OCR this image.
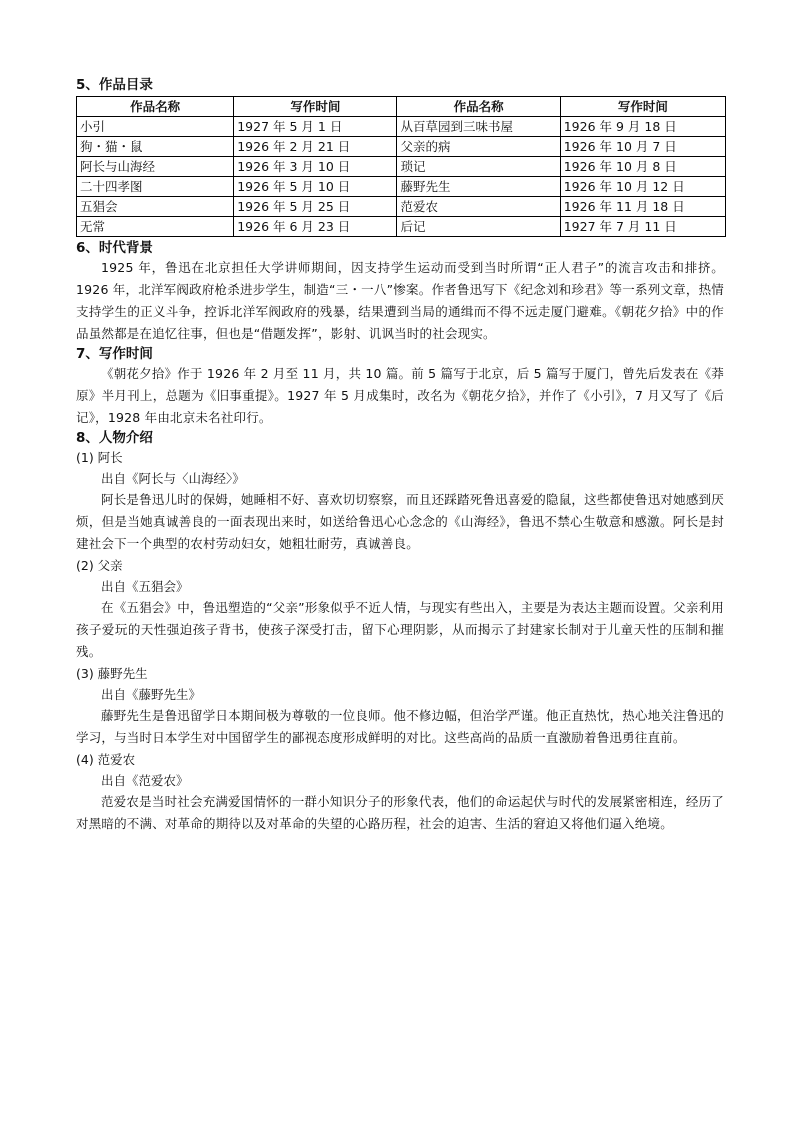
5、作品目录

作品名称	写作时间	作品名称	写作时间
小引	1927 年 5 月 1 日	从百草园到三味书屋	1926 年 9 月 18 日
狗・猫・鼠	1926 年 2 月 21 日	父亲的病	1926 年 10 月 7 日
阿长与山海经	1926 年 3 月 10 日	琐记	1926 年 10 月 8 日
二十四孝图	1926 年 5 月 10 日	藤野先生	1926 年 10 月 12 日
五猖会	1926 年 5 月 25 日	范爱农	1926 年 11 月 18 日
无常	1926 年 6 月 23 日	后记	1927 年 7 月 11 日

6、时代背景

1925 年，鲁迅在北京担任大学讲师期间，因支持学生运动而受到当时所谓“正人君子”的流言攻击和排挤。1926 年，北洋军阀政府枪杀进步学生，制造“三・一八”惨案。作者鲁迅写下《纪念刘和珍君》等一系列文章，热情支持学生的正义斗争，控诉北洋军阀政府的残暴，结果遭到当局的通缉而不得不远走厦门避难。《朝花夕拾》中的作品虽然都是在追忆往事，但也是“借题发挥”，影射、讥讽当时的社会现实。

7、写作时间

《朝花夕拾》作于 1926 年 2 月至 11 月，共 10 篇。前 5 篇写于北京，后 5 篇写于厦门，曾先后发表在《莽原》半月刊上，总题为《旧事重提》。1927 年 5 月成集时，改名为《朝花夕拾》，并作了《小引》，7 月又写了《后记》，1928 年由北京未名社印行。

8、人物介绍

(1) 阿长

出自《阿长与〈山海经〉》

阿长是鲁迅儿时的保姆，她睡相不好、喜欢切切察察，而且还踩踏死鲁迅喜爱的隐鼠，这些都使鲁迅对她感到厌烦，但是当她真诚善良的一面表现出来时，如送给鲁迅心心念念的《山海经》，鲁迅不禁心生敬意和感激。阿长是封建社会下一个典型的农村劳动妇女，她粗壮耐劳，真诚善良。

(2) 父亲

出自《五猖会》

在《五猖会》中，鲁迅塑造的“父亲”形象似乎不近人情，与现实有些出入，主要是为表达主题而设置。父亲利用孩子爱玩的天性强迫孩子背书，使孩子深受打击，留下心理阴影，从而揭示了封建家长制对于儿童天性的压制和摧残。

(3) 藤野先生

出自《藤野先生》

藤野先生是鲁迅留学日本期间极为尊敬的一位良师。他不修边幅，但治学严谨。他正直热忱，热心地关注鲁迅的学习，与当时日本学生对中国留学生的鄙视态度形成鲜明的对比。这些高尚的品质一直激励着鲁迅勇往直前。

(4) 范爱农

出自《范爱农》

范爱农是当时社会充满爱国情怀的一群小知识分子的形象代表，他们的命运起伏与时代的发展紧密相连，经历了对黑暗的不满、对革命的期待以及对革命的失望的心路历程，社会的迫害、生活的窘迫又将他们逼入绝境。
